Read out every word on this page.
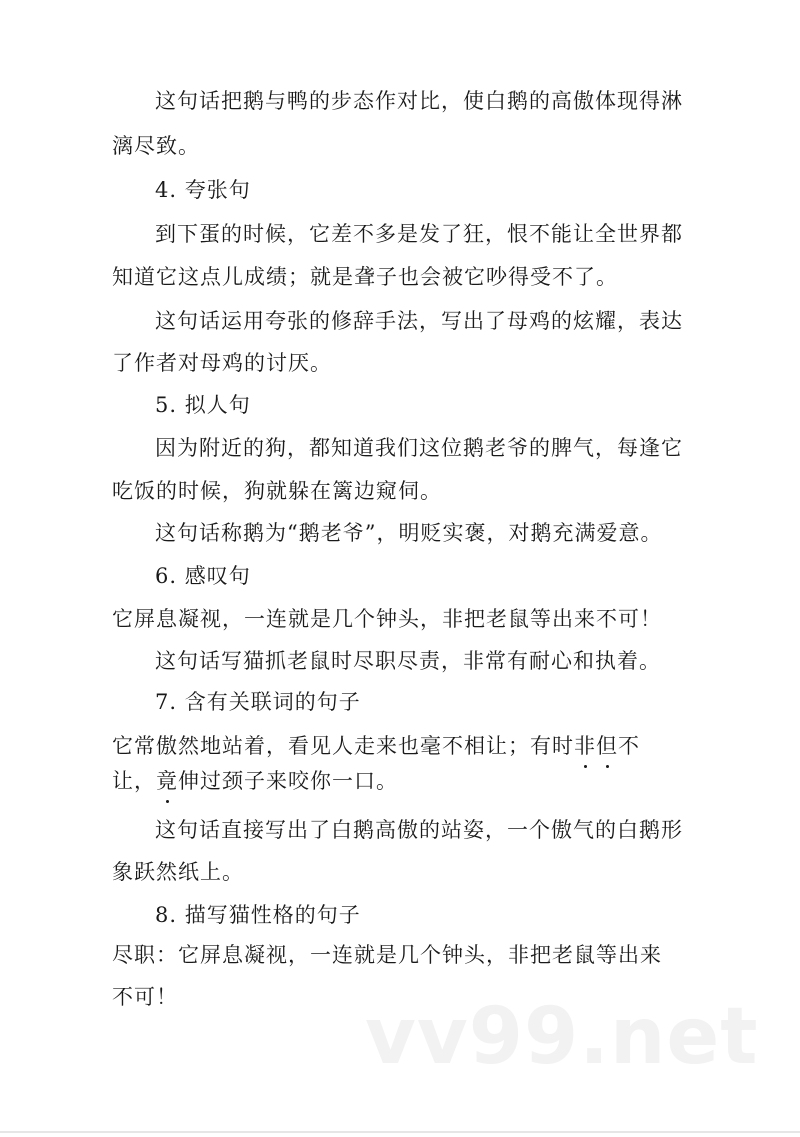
这句话把鹅与鸭的步态作对比，使白鹅的高傲体现得淋
漓尽致。
4. 夸张句
到下蛋的时候，它差不多是发了狂，恨不能让全世界都
知道它这点儿成绩；就是聋子也会被它吵得受不了。
这句话运用夸张的修辞手法，写出了母鸡的炫耀，表达
了作者对母鸡的讨厌。
5. 拟人句
因为附近的狗，都知道我们这位鹅老爷的脾气，每逢它
吃饭的时候，狗就躲在篱边窥伺。
这句话称鹅为“鹅老爷”，明贬实褒，对鹅充满爱意。
6. 感叹句
它屏息凝视，一连就是几个钟头，非把老鼠等出来不可！
这句话写猫抓老鼠时尽职尽责，非常有耐心和执着。
7. 含有关联词的句子
它常傲然地站着，看见人走来也毫不相让；有时非但不
让，竟伸过颈子来咬你一口。
这句话直接写出了白鹅高傲的站姿，一个傲气的白鹅形
象跃然纸上。
8. 描写猫性格的句子
尽职：它屏息凝视，一连就是几个钟头，非把老鼠等出来
不可！ vv99.net
